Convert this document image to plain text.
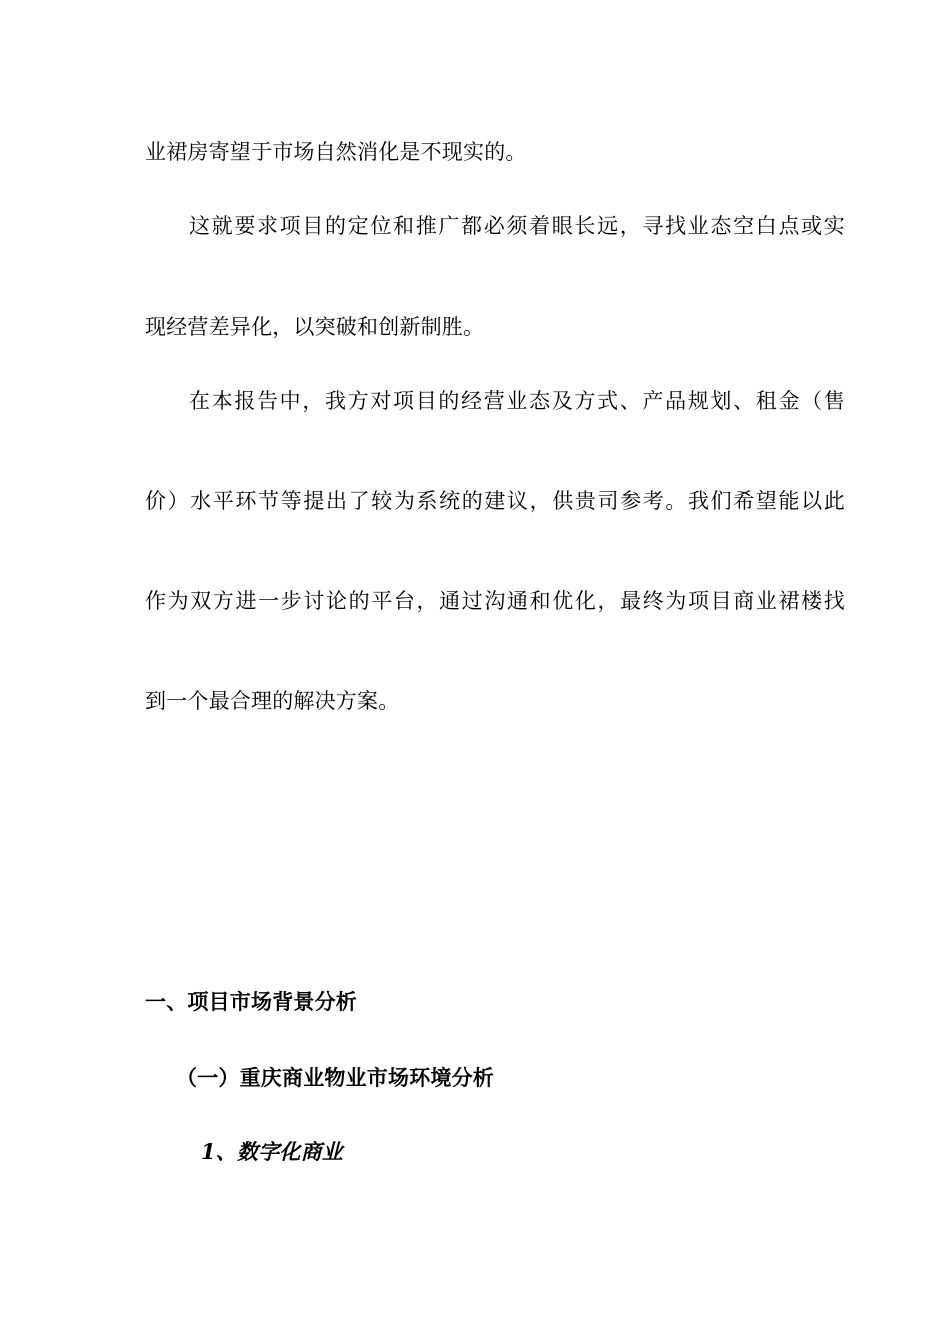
业裙房寄望于市场自然消化是不现实的。
这就要求项目的定位和推广都必须着眼长远，寻找业态空白点或实
现经营差异化，以突破和创新制胜。
在本报告中，我方对项目的经营业态及方式、产品规划、租金（售
价）水平环节等提出了较为系统的建议，供贵司参考。我们希望能以此
作为双方进一步讨论的平台，通过沟通和优化，最终为项目商业裙楼找
到一个最合理的解决方案。
一、项目市场背景分析
（一）重庆商业物业市场环境分析
1、数字化商业
